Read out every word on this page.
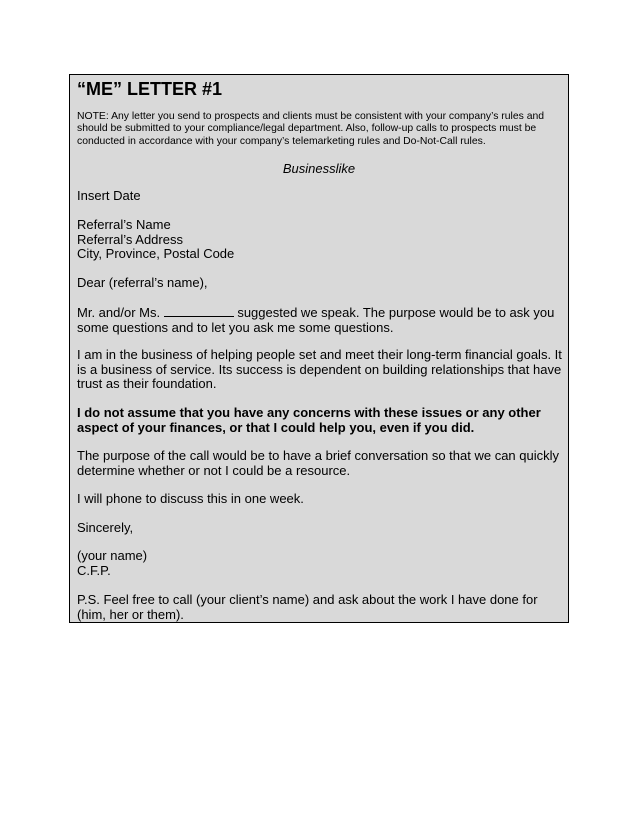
“ME” LETTER #1

NOTE: Any letter you send to prospects and clients must be consistent with your company’s rules and should be submitted to your compliance/legal department. Also, follow-up calls to prospects must be conducted in accordance with your company’s telemarketing rules and Do-Not-Call rules.

Businesslike

Insert Date

Referral’s Name
Referral’s Address
City, Province, Postal Code

Dear (referral’s name),

Mr. and/or Ms.	suggested we speak. The purpose would be to ask you some questions and to let you ask me some questions.

I am in the business of helping people set and meet their long-term financial goals. It is a business of service. Its success is dependent on building relationships that have trust as their foundation.

I do not assume that you have any concerns with these issues or any other aspect of your finances, or that I could help you, even if you did.

The purpose of the call would be to have a brief conversation so that we can quickly determine whether or not I could be a resource.

I will phone to discuss this in one week.

Sincerely,

(your name)
C.F.P.

P.S. Feel free to call (your client’s name) and ask about the work I have done for (him, her or them).
